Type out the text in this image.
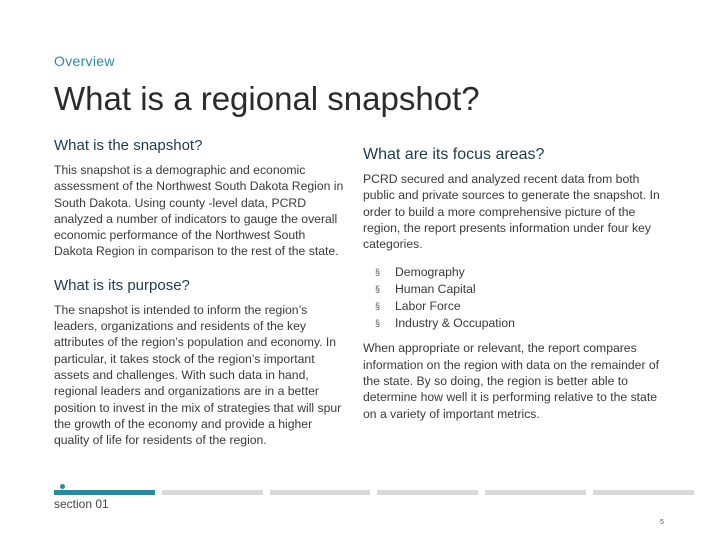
Overview
What is a regional snapshot?

What is the snapshot?

This snapshot is a demographic and economic assessment of the Northwest South Dakota Region in South Dakota. Using county -level data, PCRD analyzed a number of indicators to gauge the overall economic performance of the Northwest South Dakota Region in comparison to the rest of the state.

What is its purpose?

The snapshot is intended to inform the region’s leaders, organizations and residents of the key attributes of the region’s population and economy. In particular, it takes stock of the region’s important assets and challenges. With such data in hand, regional leaders and organizations are in a better position to invest in the mix of strategies that will spur the growth of the economy and provide a higher quality of life for residents of the region.

What are its focus areas?

PCRD secured and analyzed recent data from both public and private sources to generate the snapshot. In order to build a more comprehensive picture of the region, the report presents information under four key categories.

§	Demography
§	Human Capital
§	Labor Force
§	Industry & Occupation

When appropriate or relevant, the report compares information on the region with data on the remainder of the state. By so doing, the region is better able to determine how well it is performing relative to the state on a variety of important metrics.

section 01
5
